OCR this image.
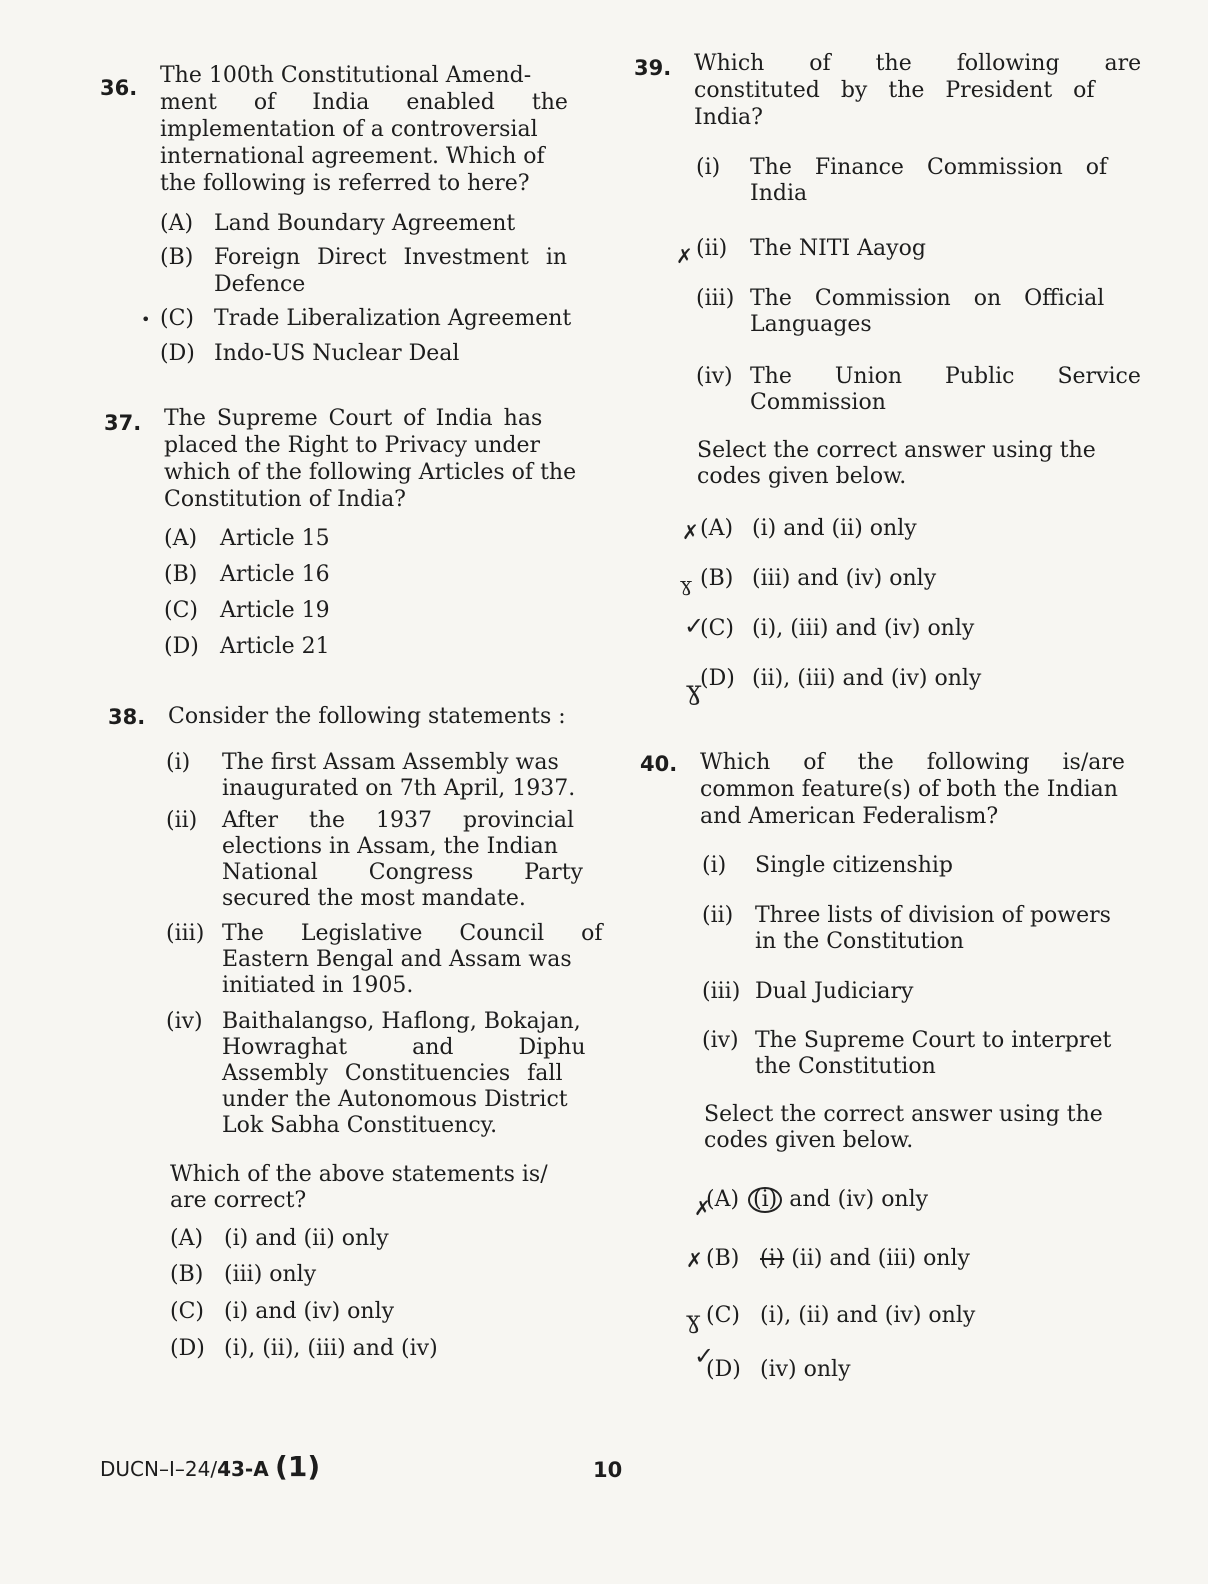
36. The 100th Constitutional Amend-
ment of India enabled the
implementation of a controversial
international agreement. Which of
the following is referred to here?
(A) Land Boundary Agreement
(B) Foreign Direct Investment in
Defence
(C) Trade Liberalization Agreement
•
(D) Indo-US Nuclear Deal
37. The Supreme Court of India has
placed the Right to Privacy under
which of the following Articles of the
Constitution of India?
(A) Article 15
(B) Article 16
(C) Article 19
(D) Article 21
38. Consider the following statements :
(i) The first Assam Assembly was
inaugurated on 7th April, 1937.
(ii) After the 1937 provincial
elections in Assam, the Indian
National Congress Party
secured the most mandate.
(iii) The Legislative Council of
Eastern Bengal and Assam was
initiated in 1905.
(iv) Baithalangso, Haflong, Bokajan,
Howraghat and Diphu
Assembly Constituencies fall
under the Autonomous District
Lok Sabha Constituency.
Which of the above statements is/
are correct?
(A) (i) and (ii) only
(B) (iii) only
(C) (i) and (iv) only
(D) (i), (ii), (iii) and (iv)
39. Which of the following are
constituted by the President of
India?
(i) The Finance Commission of
India
(ii) The NITI Aayog
✗
(iii) The Commission on Official
Languages
(iv) The Union Public Service
Commission
Select the correct answer using the
codes given below.
(A) (i) and (ii) only
✗
(B) (iii) and (iv) only
ɣ
(C) (i), (iii) and (iv) only
✓
(D) (ii), (iii) and (iv) only
ɣ
40. Which of the following is/are
common feature(s) of both the Indian
and American Federalism?
(i) Single citizenship
(ii) Three lists of division of powers
in the Constitution
(iii) Dual Judiciary
(iv) The Supreme Court to interpret
the Constitution
Select the correct answer using the
codes given below.
(A) (i) and (iv) only
✗
(B) (i) (ii) and (iii) only
✗
(C) (i), (ii) and (iv) only
ɣ
(D) (iv) only
✓
DUCN–I–24/43-A (1)	10
